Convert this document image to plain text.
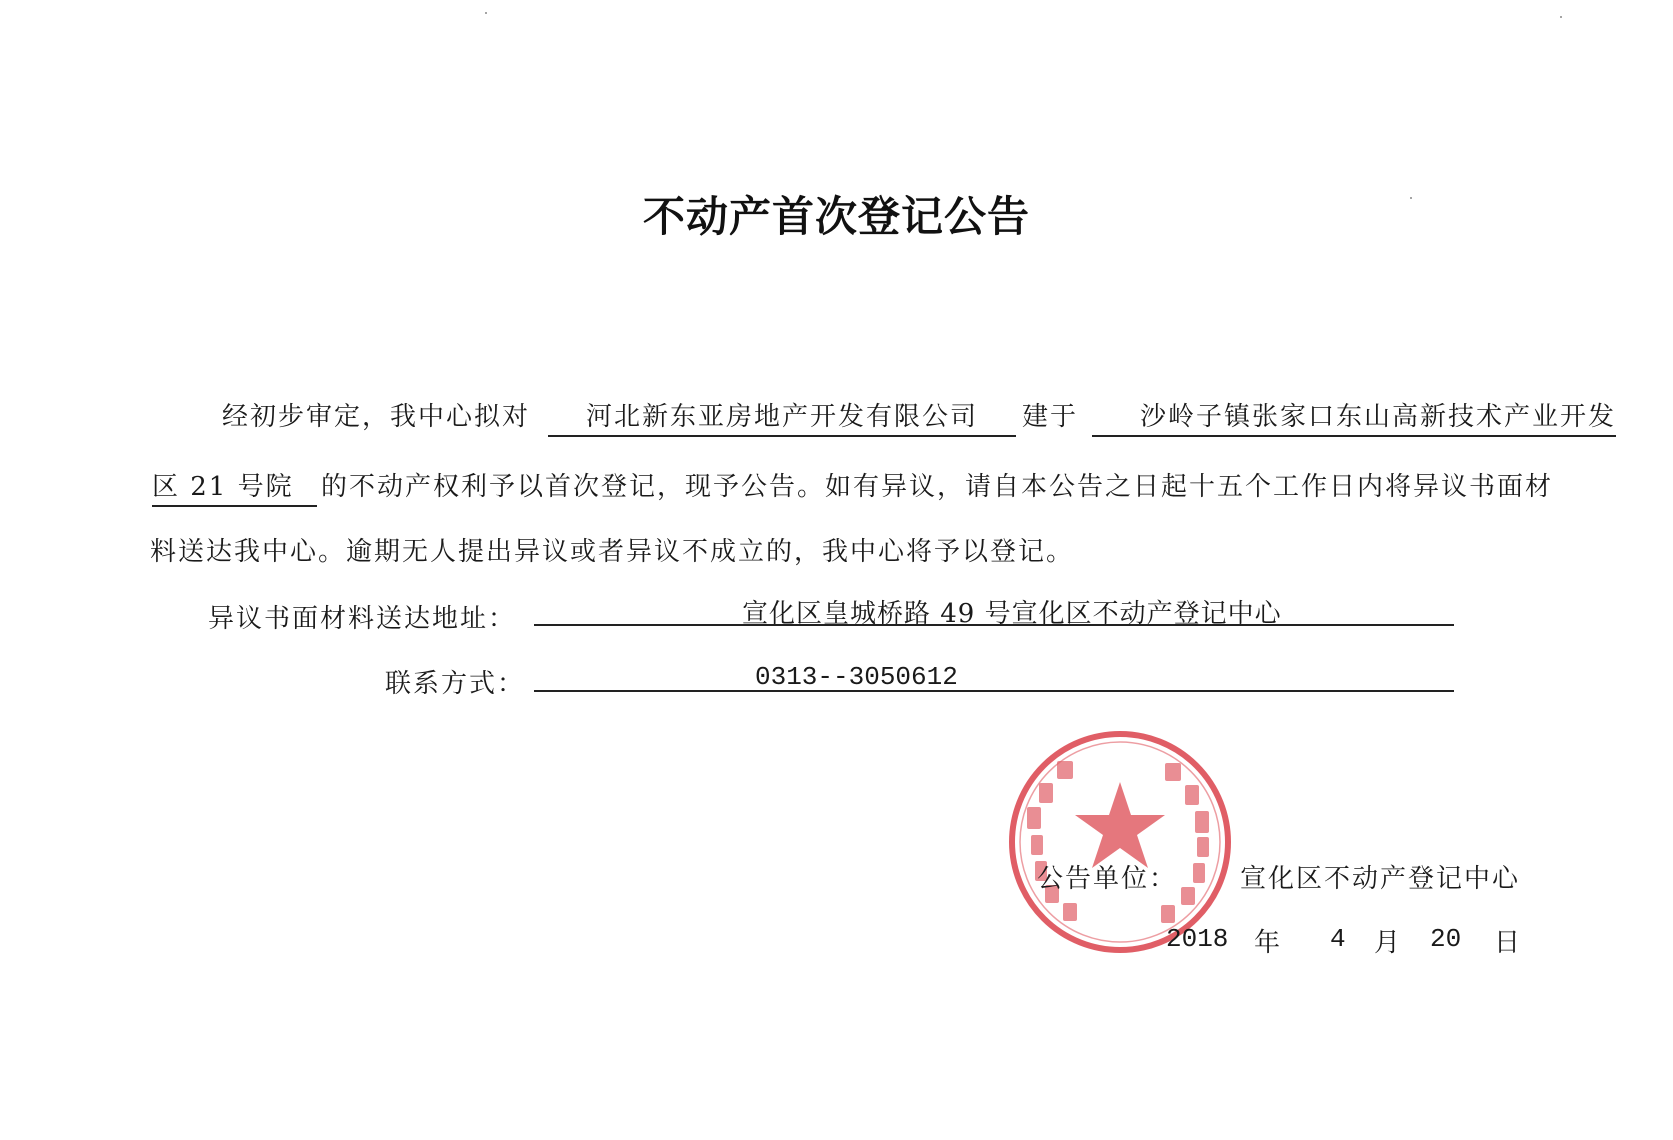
不动产首次登记公告
经初步审定，我中心拟对	河北新东亚房地产开发有限公司	建于	沙岭子镇张家口东山高新技术产业开发
区 21 号院	的不动产权利予以首次登记，现予公告。如有异议，请自本公告之日起十五个工作日内将异议书面材
料送达我中心。逾期无人提出异议或者异议不成立的，我中心将予以登记。
异议书面材料送达地址：	宣化区皇城桥路 49 号宣化区不动产登记中心
联系方式：	0313--3050612
公告单位： 宣化区不动产登记中心
2018 年 4 月 20 日
